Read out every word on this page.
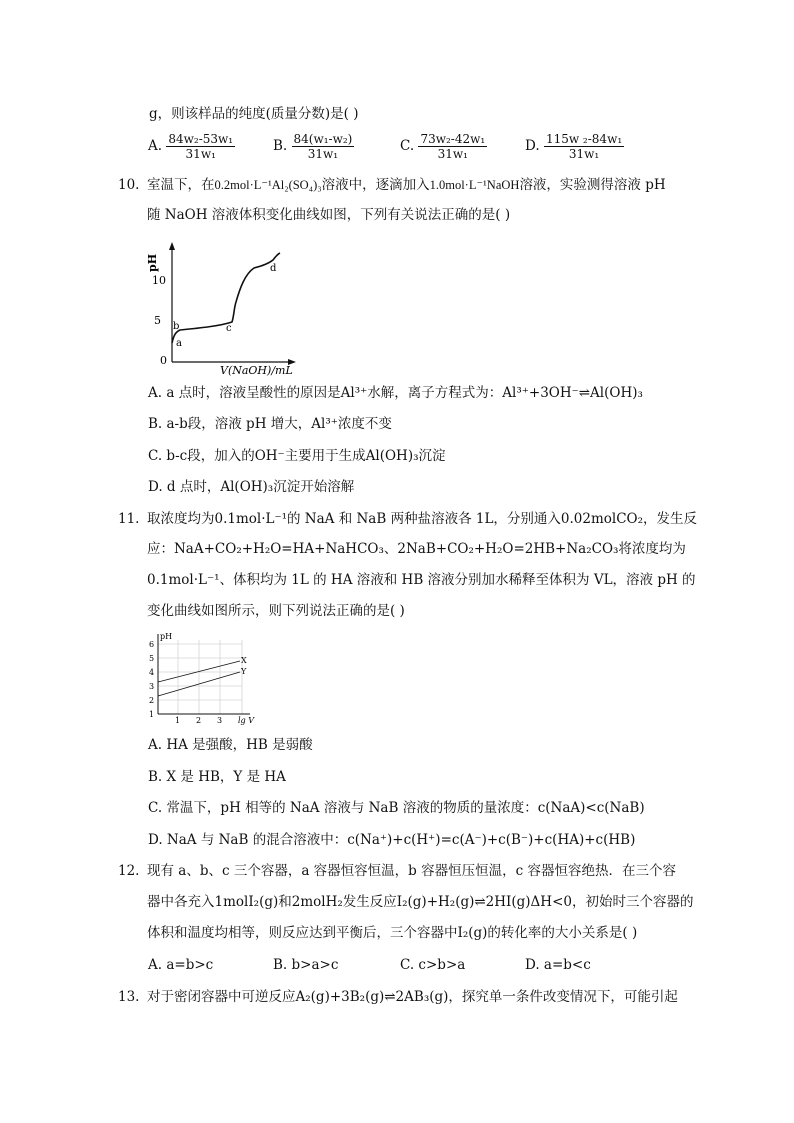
g，则该样品的纯度(质量分数)是( )
A. $\frac{\text{84w₂-53w₁}}{\text{31w₁}}$	B. $\frac{\text{84(w₁-w₂)}}{\text{31w₁}}$	C. $\frac{\text{73w₂-42w₁}}{\text{31w₁}}$	D. $\frac{\text{115w ₂-84w₁}}{\text{31w₁}}$
10. 室温下，在0.2mol·L⁻¹Al₂(SO₄)₃溶液中，逐滴加入1.0mol·L⁻¹NaOH溶液，实验测得溶液 pH
随 NaOH 溶液体积变化曲线如图，下列有关说法正确的是( )
pH
10
5
0
a
b	c
d
V(NaOH)/mL
A. a 点时，溶液呈酸性的原因是Al³⁺水解，离子方程式为：Al³⁺+3OH⁻⇌Al(OH)₃
B. a-b段，溶液 pH 增大，Al³⁺浓度不变
C. b-c段，加入的OH⁻主要用于生成Al(OH)₃沉淀
D. d 点时，Al(OH)₃沉淀开始溶解
11. 取浓度均为0.1mol·L⁻¹的 NaA 和 NaB 两种盐溶液各 1L，分别通入0.02molCO₂，发生反
应：NaA+CO₂+H₂O=HA+NaHCO₃、2NaB+CO₂+H₂O=2HB+Na₂CO₃将浓度均为
0.1mol·L⁻¹、体积均为 1L 的 HA 溶液和 HB 溶液分别加水稀释至体积为 VL，溶液 pH 的
变化曲线如图所示，则下列说法正确的是( )
pH
6
5
4
3
2
1
1 2 3 lg V
X
Y
A. HA 是强酸，HB 是弱酸
B. X 是 HB，Y 是 HA
C. 常温下，pH 相等的 NaA 溶液与 NaB 溶液的物质的量浓度：c(NaA)<c(NaB)
D. NaA 与 NaB 的混合溶液中：c(Na⁺)+c(H⁺)=c(A⁻)+c(B⁻)+c(HA)+c(HB)
12. 现有 a、b、c 三个容器，a 容器恒容恒温，b 容器恒压恒温，c 容器恒容绝热．在三个容
器中各充入1molI₂(g)和2molH₂发生反应I₂(g)+H₂(g)⇌2HI(g)ΔH<0，初始时三个容器的
体积和温度均相等，则反应达到平衡后，三个容器中I₂(g)的转化率的大小关系是( )
A. a=b>c	B. b>a>c	C. c>b>a	D. a=b<c
13. 对于密闭容器中可逆反应A₂(g)+3B₂(g)⇌2AB₃(g)，探究单一条件改变情况下，可能引起
